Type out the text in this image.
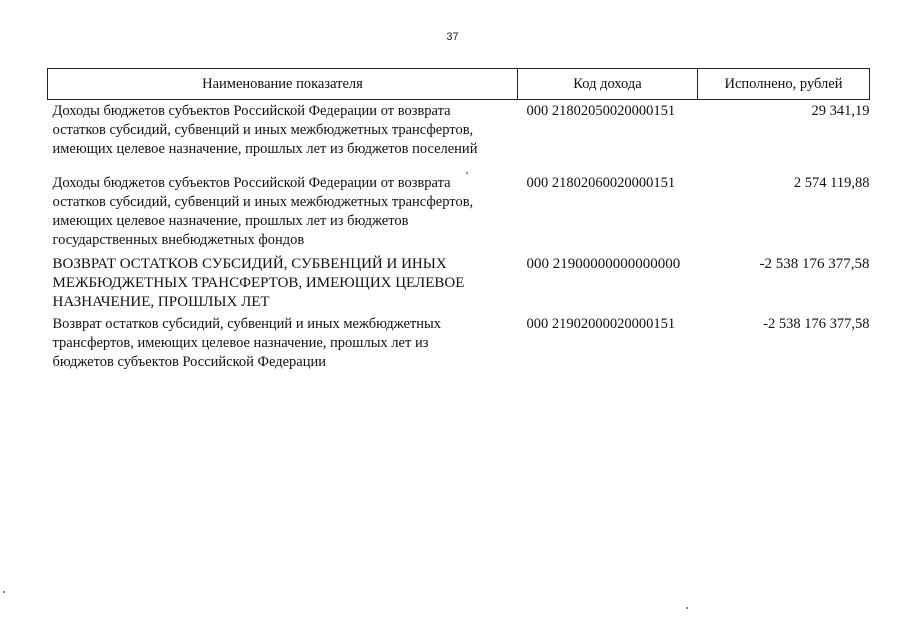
37
Наименование показателя	Код дохода	Исполнено, рублей
Доходы бюджетов субъектов Российской Федерации от возврата
остатков субсидий, субвенций и иных межбюджетных трансфертов,
имеющих целевое назначение, прошлых лет из бюджетов поселений	000 21802050020000151	29 341,19
Доходы бюджетов субъектов Российской Федерации от возврата
остатков субсидий, субвенций и иных межбюджетных трансфертов,
имеющих целевое назначение, прошлых лет из бюджетов
государственных внебюджетных фондов	000 21802060020000151	2 574 119,88
ВОЗВРАТ ОСТАТКОВ СУБСИДИЙ, СУБВЕНЦИЙ И ИНЫХ
МЕЖБЮДЖЕТНЫХ ТРАНСФЕРТОВ, ИМЕЮЩИХ ЦЕЛЕВОЕ
НАЗНАЧЕНИЕ, ПРОШЛЫХ ЛЕТ	000 21900000000000000	-2 538 176 377,58
Возврат остатков субсидий, субвенций и иных межбюджетных
трансфертов, имеющих целевое назначение, прошлых лет из
бюджетов субъектов Российской Федерации	000 21902000020000151	-2 538 176 377,58
